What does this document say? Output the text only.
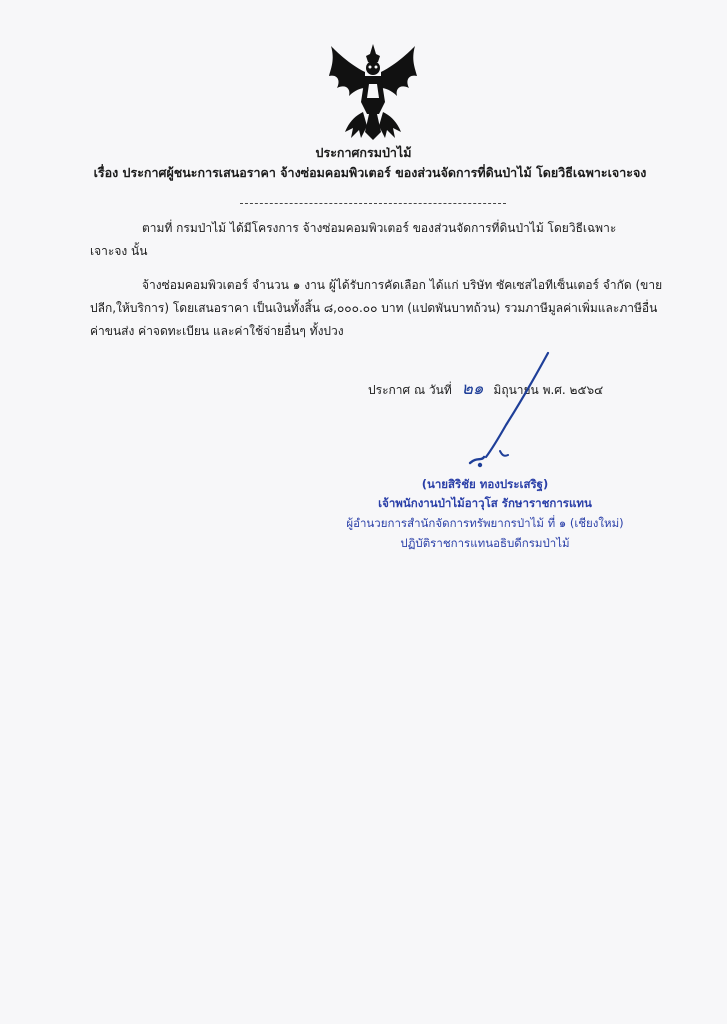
ประกาศกรมป่าไม้
เรื่อง ประกาศผู้ชนะการเสนอราคา จ้างซ่อมคอมพิวเตอร์ ของส่วนจัดการที่ดินป่าไม้ โดยวิธีเฉพาะเจาะจง
ตามที่ กรมป่าไม้ ได้มีโครงการ จ้างซ่อมคอมพิวเตอร์ ของส่วนจัดการที่ดินป่าไม้ โดยวิธีเฉพาะ
เจาะจง นั้น
จ้างซ่อมคอมพิวเตอร์ จำนวน ๑ งาน ผู้ได้รับการคัดเลือก ได้แก่ บริษัท ซัคเซสไอทีเซ็นเตอร์ จำกัด (ขาย
ปลีก,ให้บริการ) โดยเสนอราคา เป็นเงินทั้งสิ้น ๘,๐๐๐.๐๐ บาท (แปดพันบาทถ้วน) รวมภาษีมูลค่าเพิ่มและภาษีอื่น
ค่าขนส่ง ค่าจดทะเบียน และค่าใช้จ่ายอื่นๆ ทั้งปวง
ประกาศ ณ วันที่ ๒๑ มิถุนายน พ.ศ. ๒๕๖๔
(นายสิริชัย ทองประเสริฐ)
เจ้าพนักงานป่าไม้อาวุโส รักษาราชการแทน
ผู้อำนวยการสำนักจัดการทรัพยากรป่าไม้ ที่ ๑ (เชียงใหม่)
ปฏิบัติราชการแทนอธิบดีกรมป่าไม้
